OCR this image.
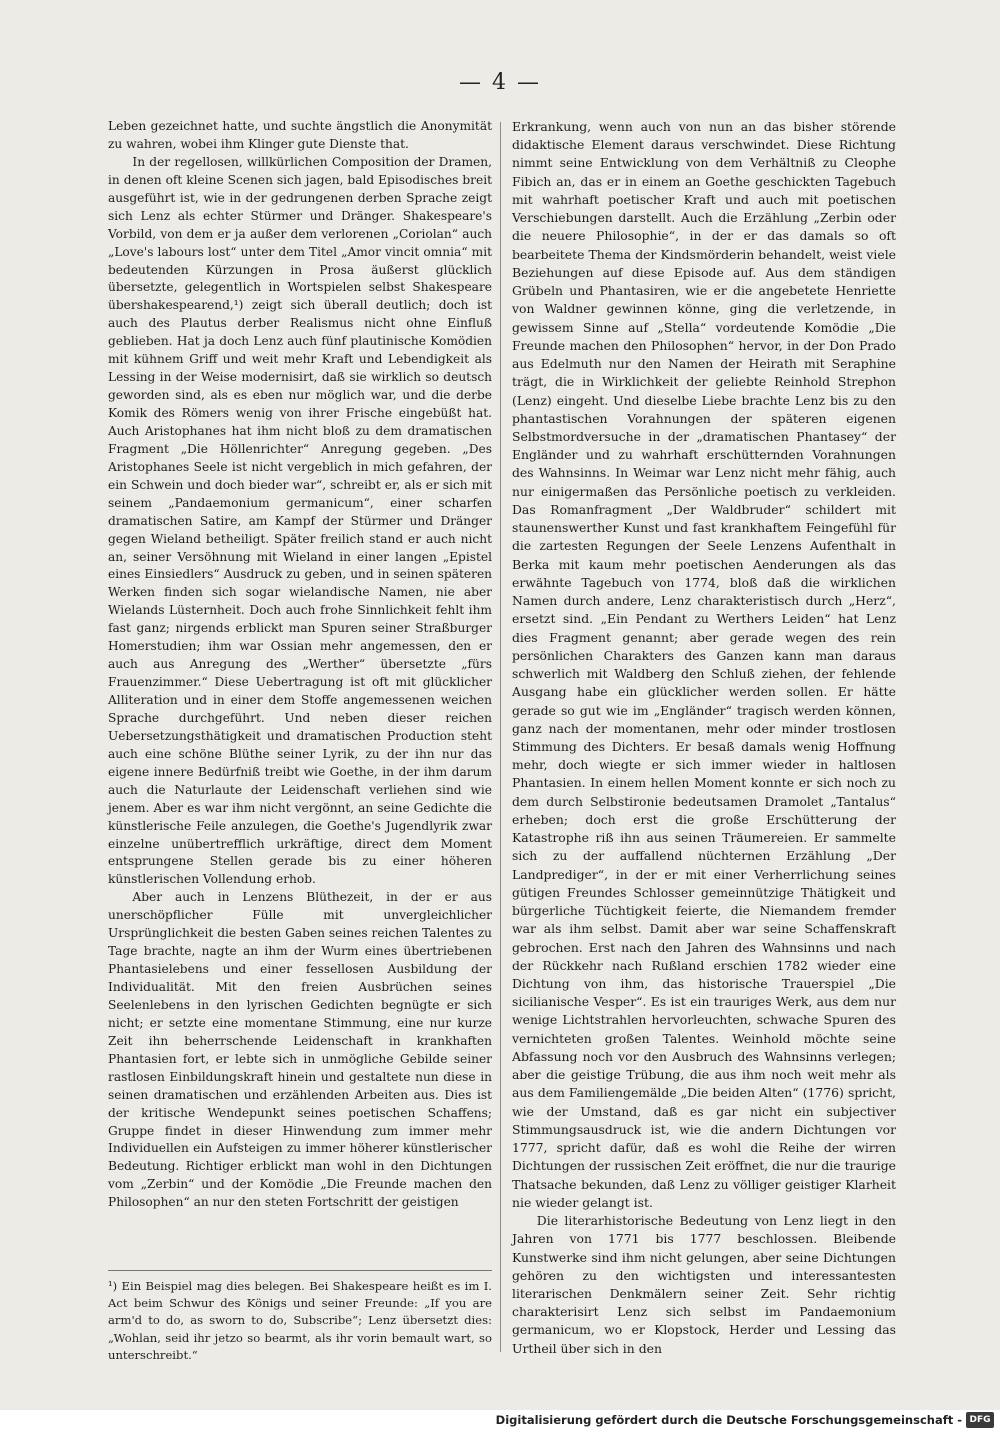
— 4 —

Leben gezeichnet hatte, und suchte ängstlich die Anonymität zu wahren, wobei ihm Klinger gute Dienste that.

In der regellosen, willkürlichen Composition der Dramen, in denen oft kleine Scenen sich jagen, bald Episodisches breit ausgeführt ist, wie in der gedrungenen derben Sprache zeigt sich Lenz als echter Stürmer und Dränger. Shakespeare's Vorbild, von dem er ja außer dem verlorenen „Coriolan“ auch „Love's labours lost“ unter dem Titel „Amor vincit omnia“ mit bedeutenden Kürzungen in Prosa äußerst glücklich übersetzte, gelegentlich in Wortspielen selbst Shakespeare übershakespearend,¹) zeigt sich überall deutlich; doch ist auch des Plautus derber Realismus nicht ohne Einfluß geblieben. Hat ja doch Lenz auch fünf plautinische Komödien mit kühnem Griff und weit mehr Kraft und Lebendigkeit als Lessing in der Weise modernisirt, daß sie wirklich so deutsch geworden sind, als es eben nur möglich war, und die derbe Komik des Römers wenig von ihrer Frische eingebüßt hat. Auch Aristophanes hat ihm nicht bloß zu dem dramatischen Fragment „Die Höllenrichter“ Anregung gegeben. „Des Aristophanes Seele ist nicht vergeblich in mich gefahren, der ein Schwein und doch bieder war“, schreibt er, als er sich mit seinem „Pandaemonium germanicum“, einer scharfen dramatischen Satire, am Kampf der Stürmer und Dränger gegen Wieland betheiligt. Später freilich stand er auch nicht an, seiner Versöhnung mit Wieland in einer langen „Epistel eines Einsiedlers“ Ausdruck zu geben, und in seinen späteren Werken finden sich sogar wielandische Namen, nie aber Wielands Lüsternheit. Doch auch frohe Sinnlichkeit fehlt ihm fast ganz; nirgends erblickt man Spuren seiner Straßburger Homerstudien; ihm war Ossian mehr angemessen, den er auch aus Anregung des „Werther“ übersetzte „fürs Frauenzimmer.“ Diese Uebertragung ist oft mit glücklicher Alliteration und in einer dem Stoffe angemessenen weichen Sprache durchgeführt. Und neben dieser reichen Uebersetzungsthätigkeit und dramatischen Production steht auch eine schöne Blüthe seiner Lyrik, zu der ihn nur das eigene innere Bedürfniß treibt wie Goethe, in der ihm darum auch die Naturlaute der Leidenschaft verliehen sind wie jenem. Aber es war ihm nicht vergönnt, an seine Gedichte die künstlerische Feile anzulegen, die Goethe's Jugendlyrik zwar einzelne unübertrefflich urkräftige, direct dem Moment entsprungene Stellen gerade bis zu einer höheren künstlerischen Vollendung erhob.

Aber auch in Lenzens Blüthezeit, in der er aus unerschöpflicher Fülle mit unvergleichlicher Ursprünglichkeit die besten Gaben seines reichen Talentes zu Tage brachte, nagte an ihm der Wurm eines übertriebenen Phantasielebens und einer fessellosen Ausbildung der Individualität. Mit den freien Ausbrüchen seines Seelenlebens in den lyrischen Gedichten begnügte er sich nicht; er setzte eine momentane Stimmung, eine nur kurze Zeit ihn beherrschende Leidenschaft in krankhaften Phantasien fort, er lebte sich in unmögliche Gebilde seiner rastlosen Einbildungskraft hinein und gestaltete nun diese in seinen dramatischen und erzählenden Arbeiten aus. Dies ist der kritische Wendepunkt seines poetischen Schaffens; Gruppe findet in dieser Hinwendung zum immer mehr Individuellen ein Aufsteigen zu immer höherer künstlerischer Bedeutung. Richtiger erblickt man wohl in den Dichtungen vom „Zerbin“ und der Komödie „Die Freunde machen den Philosophen“ an nur den steten Fortschritt der geistigen

Erkrankung, wenn auch von nun an das bisher störende didaktische Element daraus verschwindet. Diese Richtung nimmt seine Entwicklung von dem Verhältniß zu Cleophe Fibich an, das er in einem an Goethe geschickten Tagebuch mit wahrhaft poetischer Kraft und auch mit poetischen Verschiebungen darstellt. Auch die Erzählung „Zerbin oder die neuere Philosophie“, in der er das damals so oft bearbeitete Thema der Kindsmörderin behandelt, weist viele Beziehungen auf diese Episode auf. Aus dem ständigen Grübeln und Phantasiren, wie er die angebetete Henriette von Waldner gewinnen könne, ging die verletzende, in gewissem Sinne auf „Stella“ vordeutende Komödie „Die Freunde machen den Philosophen“ hervor, in der Don Prado aus Edelmuth nur den Namen der Heirath mit Seraphine trägt, die in Wirklichkeit der geliebte Reinhold Strephon (Lenz) eingeht. Und dieselbe Liebe brachte Lenz bis zu den phantastischen Vorahnungen der späteren eigenen Selbstmordversuche in der „dramatischen Phantasey“ der Engländer und zu wahrhaft erschütternden Vorahnungen des Wahnsinns. In Weimar war Lenz nicht mehr fähig, auch nur einigermaßen das Persönliche poetisch zu verkleiden. Das Romanfragment „Der Waldbruder“ schildert mit staunenswerther Kunst und fast krankhaftem Feingefühl für die zartesten Regungen der Seele Lenzens Aufenthalt in Berka mit kaum mehr poetischen Aenderungen als das erwähnte Tagebuch von 1774, bloß daß die wirklichen Namen durch andere, Lenz charakteristisch durch „Herz“, ersetzt sind. „Ein Pendant zu Werthers Leiden“ hat Lenz dies Fragment genannt; aber gerade wegen des rein persönlichen Charakters des Ganzen kann man daraus schwerlich mit Waldberg den Schluß ziehen, der fehlende Ausgang habe ein glücklicher werden sollen. Er hätte gerade so gut wie im „Engländer“ tragisch werden können, ganz nach der momentanen, mehr oder minder trostlosen Stimmung des Dichters. Er besaß damals wenig Hoffnung mehr, doch wiegte er sich immer wieder in haltlosen Phantasien. In einem hellen Moment konnte er sich noch zu dem durch Selbstironie bedeutsamen Dramolet „Tantalus“ erheben; doch erst die große Erschütterung der Katastrophe riß ihn aus seinen Träumereien. Er sammelte sich zu der auffallend nüchternen Erzählung „Der Landprediger“, in der er mit einer Verherrlichung seines gütigen Freundes Schlosser gemeinnützige Thätigkeit und bürgerliche Tüchtigkeit feierte, die Niemandem fremder war als ihm selbst. Damit aber war seine Schaffenskraft gebrochen. Erst nach den Jahren des Wahnsinns und nach der Rückkehr nach Rußland erschien 1782 wieder eine Dichtung von ihm, das historische Trauerspiel „Die sicilianische Vesper“. Es ist ein trauriges Werk, aus dem nur wenige Lichtstrahlen hervorleuchten, schwache Spuren des vernichteten großen Talentes. Weinhold möchte seine Abfassung noch vor den Ausbruch des Wahnsinns verlegen; aber die geistige Trübung, die aus ihm noch weit mehr als aus dem Familiengemälde „Die beiden Alten“ (1776) spricht, wie der Umstand, daß es gar nicht ein subjectiver Stimmungsausdruck ist, wie die andern Dichtungen vor 1777, spricht dafür, daß es wohl die Reihe der wirren Dichtungen der russischen Zeit eröffnet, die nur die traurige Thatsache bekunden, daß Lenz zu völliger geistiger Klarheit nie wieder gelangt ist.

Die literarhistorische Bedeutung von Lenz liegt in den Jahren von 1771 bis 1777 beschlossen. Bleibende Kunstwerke sind ihm nicht gelungen, aber seine Dichtungen gehören zu den wichtigsten und interessantesten literarischen Denkmälern seiner Zeit. Sehr richtig charakterisirt Lenz sich selbst im Pandaemonium germanicum, wo er Klopstock, Herder und Lessing das Urtheil über sich in den

¹) Ein Beispiel mag dies belegen. Bei Shakespeare heißt es im I. Act beim Schwur des Königs und seiner Freunde: „If you are arm'd to do, as sworn to do, Subscribe“; Lenz übersetzt dies: „Wohlan, seid ihr jetzo so bearmt, als ihr vorin bemault wart, so unterschreibt.“
Digitalisierung gefördert durch die Deutsche Forschungsgemeinschaft - DFG
